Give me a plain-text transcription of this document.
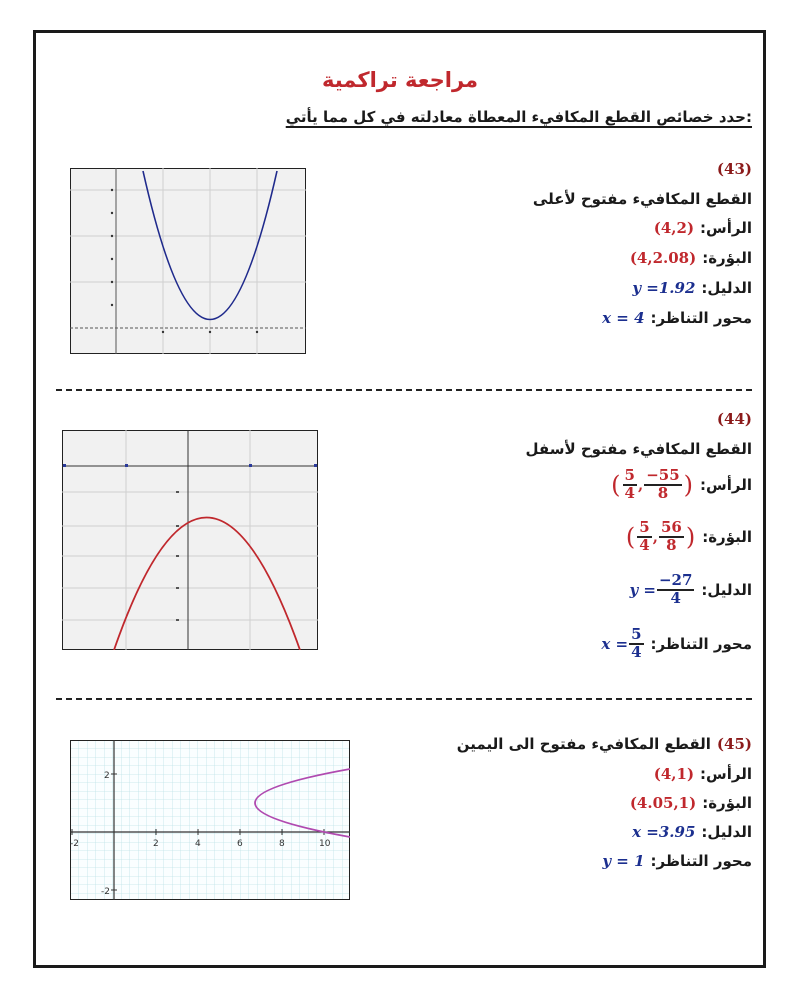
مراجعة تراكمية
حدد خصائص القطع المكافيء المعطاة معادلته في كل مما يأتي:
(43)
القطع المكافيء مفتوح لأعلى
الرأس:
(4,2)
البؤرة:
(4,2.08)
الدليل:
y =1.92
محور التناظر:
x = 4
(44)
القطع المكافيء مفتوح لأسفل
الرأس:
( $\frac{5}{4}$ , $\frac{-55}{8}$ )
البؤرة:
( $\frac{5}{4}$ , $\frac{56}{8}$ )
الدليل:
$y = \frac{-27}{4}$
محور التناظر:
$x = \frac{5}{4}$
-2	2	4	6	8	10
2
-2
(45)
القطع المكافيء مفتوح الى اليمين
الرأس:
(4,1)
البؤرة:
(4.05,1)
الدليل:
x =3.95
محور التناظر:
y = 1
